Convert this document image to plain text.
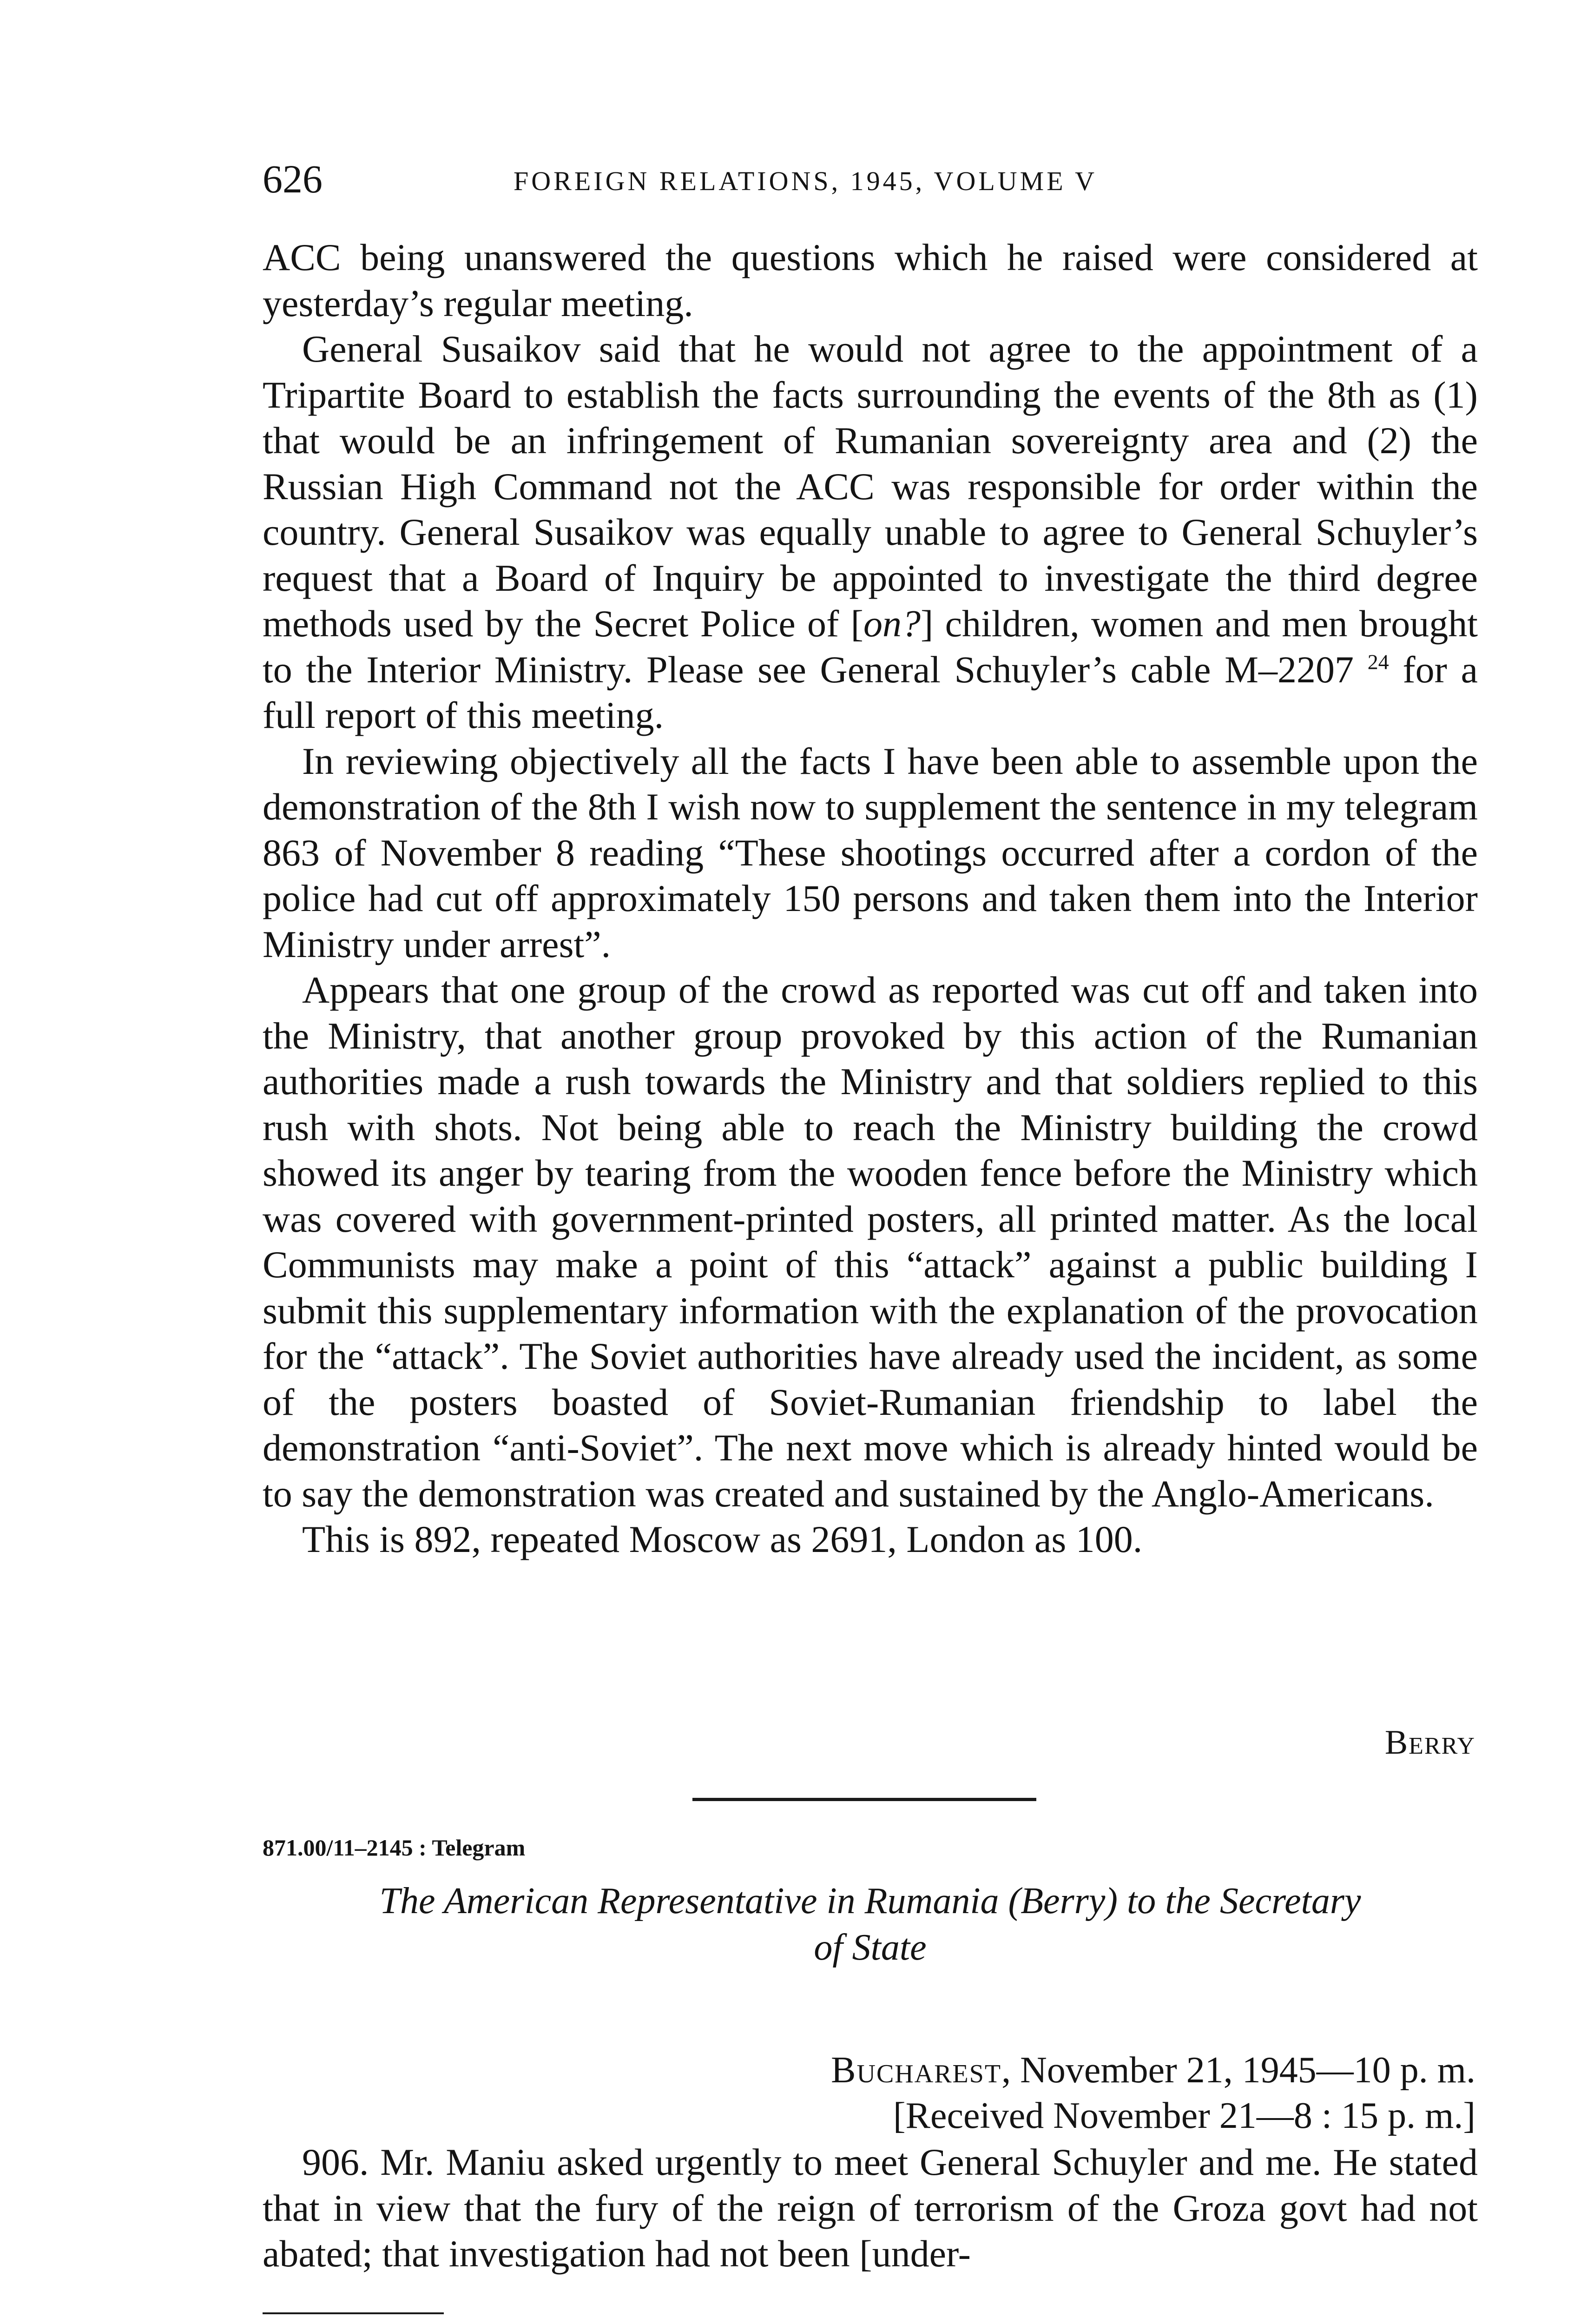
626	FOREIGN RELATIONS, 1945, VOLUME V

ACC being unanswered the questions which he raised were considered at yesterday’s regular meeting.

General Susaikov said that he would not agree to the appointment of a Tripartite Board to establish the facts surrounding the events of the 8th as (1) that would be an infringement of Rumanian sovereignty area and (2) the Russian High Command not the ACC was responsible for order within the country. General Susaikov was equally unable to agree to General Schuyler’s request that a Board of Inquiry be appointed to investigate the third degree methods used by the Secret Police of [on?] children, women and men brought to the Interior Ministry. Please see General Schuyler’s cable M–2207 $^{24}$ for a full report of this meeting.

In reviewing objectively all the facts I have been able to assemble upon the demonstration of the 8th I wish now to supplement the sentence in my telegram 863 of November 8 reading “These shootings occurred after a cordon of the police had cut off approximately 150 persons and taken them into the Interior Ministry under arrest”.

Appears that one group of the crowd as reported was cut off and taken into the Ministry, that another group provoked by this action of the Rumanian authorities made a rush towards the Ministry and that soldiers replied to this rush with shots. Not being able to reach the Ministry building the crowd showed its anger by tearing from the wooden fence before the Ministry which was covered with government-printed posters, all printed matter. As the local Communists may make a point of this “attack” against a public building I submit this supplementary information with the explanation of the provocation for the “attack”. The Soviet authorities have already used the incident, as some of the posters boasted of Soviet-Rumanian friendship to label the demonstration “anti-Soviet”. The next move which is already hinted would be to say the demonstration was created and sustained by the Anglo-Americans.

This is 892, repeated Moscow as 2691, London as 100.

Berry
871.00/11–2145 : Telegram
The American Representative in Rumania (Berry) to the Secretary
of State
Bucharest, November 21, 1945—10 p. m.
[Received November 21—8 : 15 p. m.]

906. Mr. Maniu asked urgently to meet General Schuyler and me. He stated that in view that the fury of the reign of terrorism of the Groza govt had not abated; that investigation had not been [under-
